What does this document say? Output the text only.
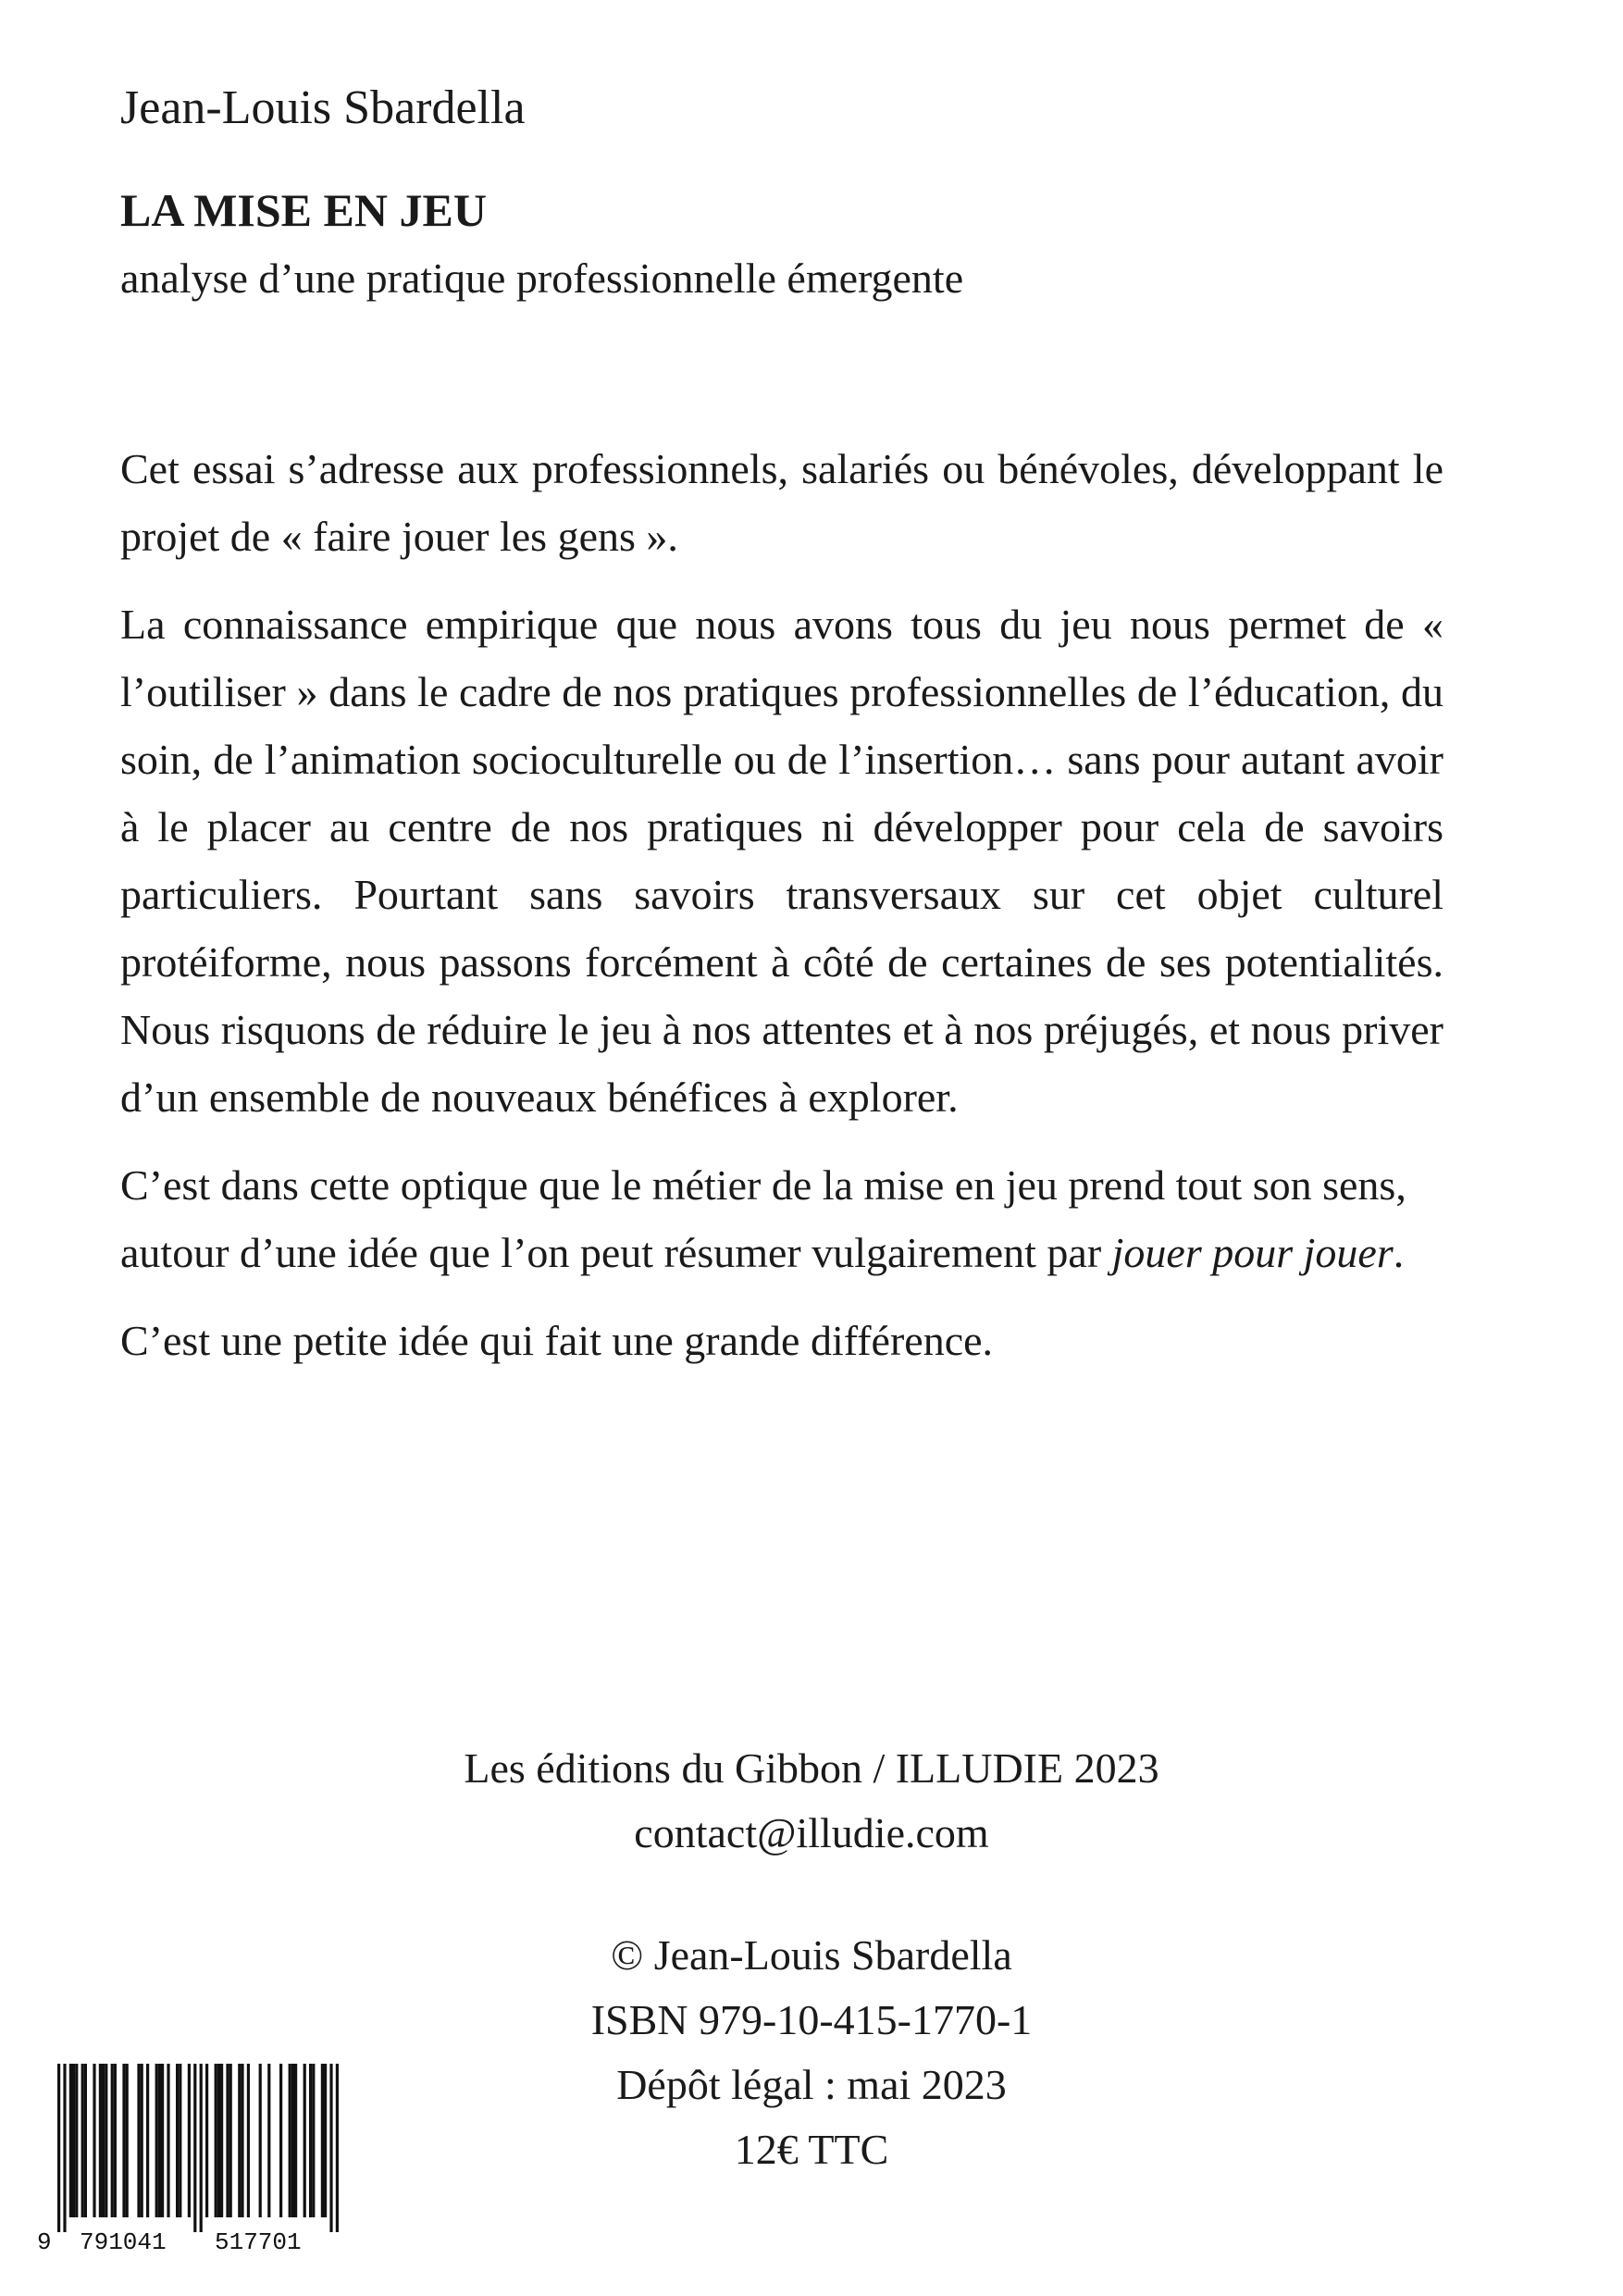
Jean-Louis Sbardella
LA MISE EN JEU
analyse d’une pratique professionnelle émergente

Cet essai s’adresse aux professionnels, salariés ou bénévoles, développant le projet de « faire jouer les gens ».

La connaissance empirique que nous avons tous du jeu nous permet de « l’outiliser » dans le cadre de nos pratiques professionnelles de l’éducation, du soin, de l’animation socioculturelle ou de l’insertion… sans pour autant avoir à le placer au centre de nos pratiques ni développer pour cela de savoirs particuliers. Pourtant sans savoirs transversaux sur cet objet culturel protéiforme, nous passons forcément à côté de certaines de ses potentialités. Nous risquons de réduire le jeu à nos attentes et à nos préjugés, et nous priver d’un ensemble de nouveaux bénéfices à explorer.

C’est dans cette optique que le métier de la mise en jeu prend tout son sens, autour d’une idée que l’on peut résumer vulgairement par jouer pour jouer.

C’est une petite idée qui fait une grande différence.

Les éditions du Gibbon / ILLUDIE 2023
contact@illudie.com
© Jean-Louis Sbardella
ISBN 979-10-415-1770-1
Dépôt légal : mai 2023
12€ TTC
9 791041 517701
